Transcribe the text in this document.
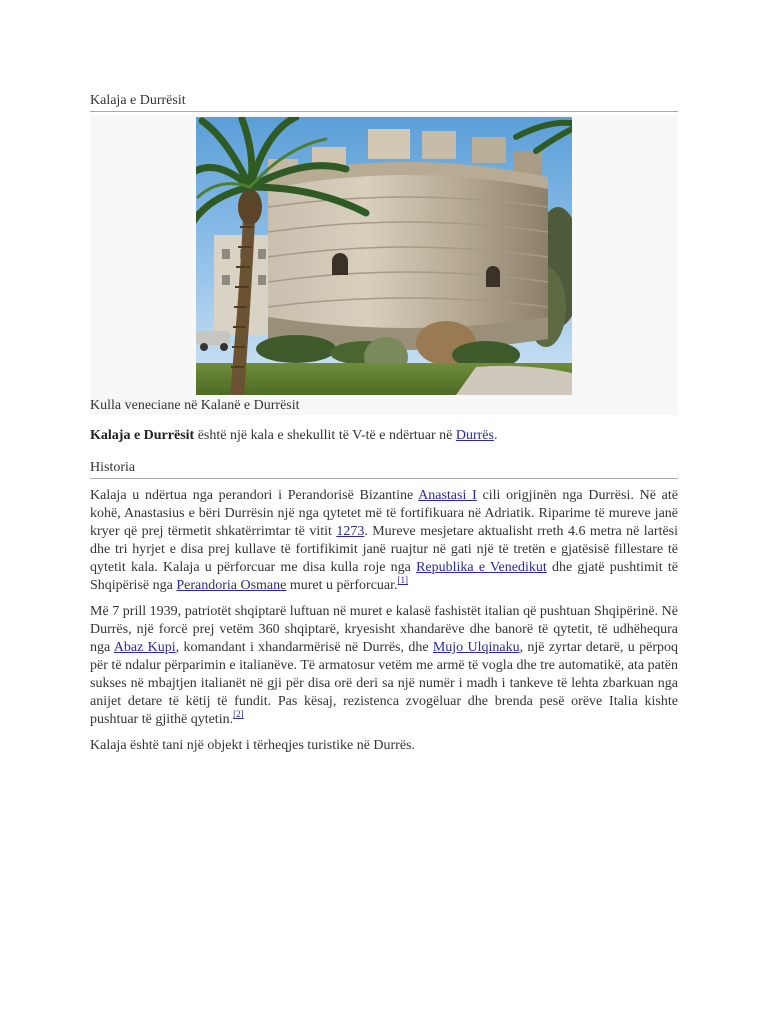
Kalaja e Durrësit
Kulla veneciane në Kalanë e Durrësit

Kalaja e Durrësit është një kala e shekullit të V-të e ndërtuar në Durrës.

Historia

Kalaja u ndërtua nga perandori i Perandorisë Bizantine Anastasi I cili origjinën nga Durrësi. Në atë kohë, Anastasius e bëri Durrësin një nga qytetet më të fortifikuara në Adriatik. Riparime të mureve janë kryer që prej tërmetit shkatërrimtar të vitit 1273. Mureve mesjetare aktualisht rreth 4.6 metra në lartësi dhe tri hyrjet e disa prej kullave të fortifikimit janë ruajtur në gati një të tretën e gjatësisë fillestare të qytetit kala. Kalaja u përforcuar me disa kulla roje nga Republika e Venedikut dhe gjatë pushtimit të Shqipërisë nga Perandoria Osmane muret u përforcuar.[1]

Më 7 prill 1939, patriotët shqiptarë luftuan në muret e kalasë fashistët italian që pushtuan Shqipërinë. Në Durrës, një forcë prej vetëm 360 shqiptarë, kryesisht xhandarëve dhe banorë të qytetit, të udhëhequra nga Abaz Kupi, komandant i xhandarmërisë në Durrës, dhe Mujo Ulqinaku, një zyrtar detarë, u përpoq për të ndalur përparimin e italianëve. Të armatosur vetëm me armë të vogla dhe tre automatikë, ata patën sukses në mbajtjen italianët në gji për disa orë deri sa një numër i madh i tankeve të lehta zbarkuan nga anijet detare të këtij të fundit. Pas kësaj, rezistenca zvogëluar dhe brenda pesë orëve Italia kishte pushtuar të gjithë qytetin.[2]

Kalaja është tani një objekt i tërheqjes turistike në Durrës.
